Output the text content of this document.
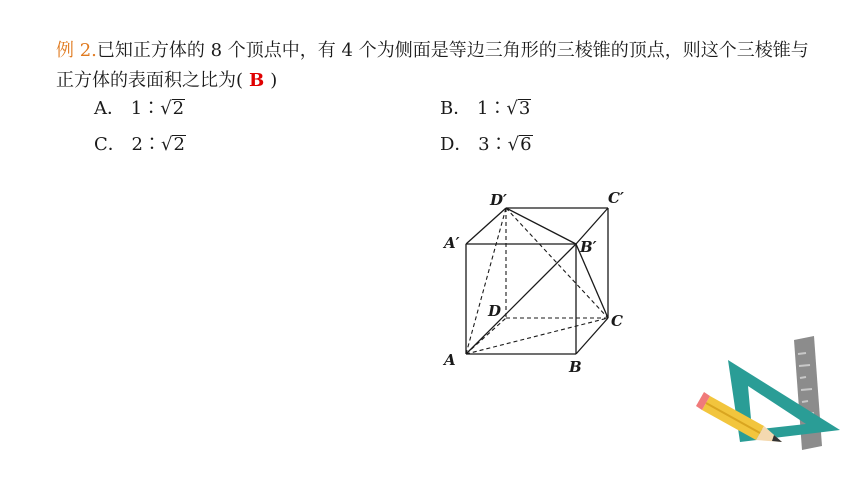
例 2.已知正方体的 8 个顶点中，有 4 个为侧面是等边三角形的三棱锥的顶点，则这个三棱锥与正方体的表面积之比为( B )
A． 1∶√2	B． 1∶√3
C． 2∶√2	D． 3∶√6
A	B
C
D
A′	B′
C′
D′
